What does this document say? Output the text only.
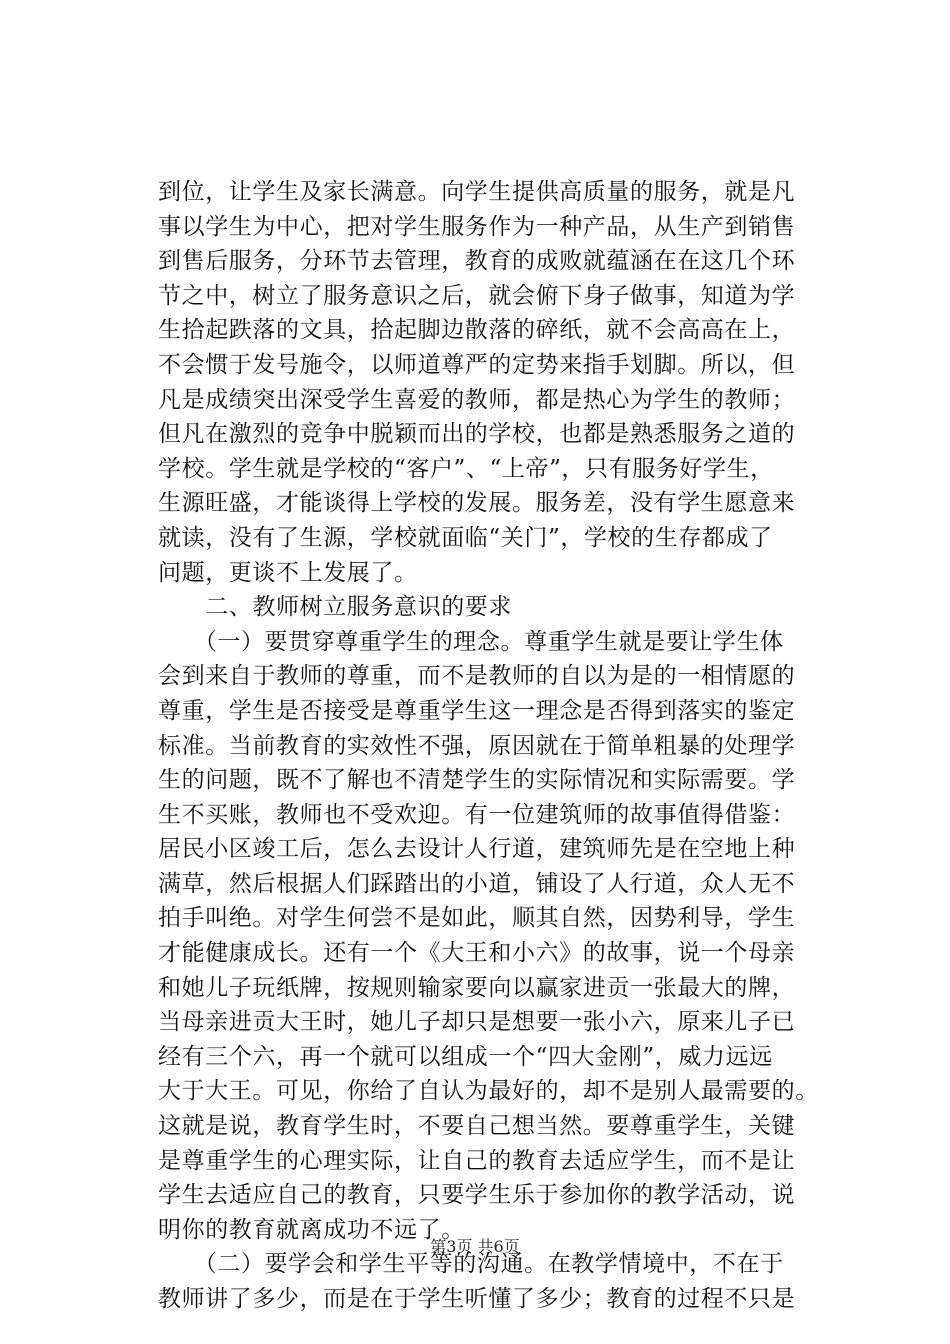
到位，让学生及家长满意。向学生提供高质量的服务，就是凡
事以学生为中心，把对学生服务作为一种产品，从生产到销售
到售后服务，分环节去管理，教育的成败就蕴涵在在这几个环
节之中，树立了服务意识之后，就会俯下身子做事，知道为学
生拾起跌落的文具，拾起脚边散落的碎纸，就不会高高在上，
不会惯于发号施令，以师道尊严的定势来指手划脚。所以，但
凡是成绩突出深受学生喜爱的教师，都是热心为学生的教师；
但凡在激烈的竞争中脱颖而出的学校，也都是熟悉服务之道的
学校。学生就是学校的“客户”、“上帝”，只有服务好学生，
生源旺盛，才能谈得上学校的发展。服务差，没有学生愿意来
就读，没有了生源，学校就面临“关门”，学校的生存都成了
问题，更谈不上发展了。
　　二、教师树立服务意识的要求
　　（一）要贯穿尊重学生的理念。尊重学生就是要让学生体
会到来自于教师的尊重，而不是教师的自以为是的一相情愿的
尊重，学生是否接受是尊重学生这一理念是否得到落实的鉴定
标准。当前教育的实效性不强，原因就在于简单粗暴的处理学
生的问题，既不了解也不清楚学生的实际情况和实际需要。学
生不买账，教师也不受欢迎。有一位建筑师的故事值得借鉴：
居民小区竣工后，怎么去设计人行道，建筑师先是在空地上种
满草，然后根据人们踩踏出的小道，铺设了人行道，众人无不
拍手叫绝。对学生何尝不是如此，顺其自然，因势利导，学生
才能健康成长。还有一个《大王和小六》的故事，说一个母亲
和她儿子玩纸牌，按规则输家要向以赢家进贡一张最大的牌，
当母亲进贡大王时，她儿子却只是想要一张小六，原来儿子已
经有三个六，再一个就可以组成一个“四大金刚”，威力远远
大于大王。可见，你给了自认为最好的，却不是别人最需要的。
这就是说，教育学生时，不要自己想当然。要尊重学生，关键
是尊重学生的心理实际，让自己的教育去适应学生，而不是让
学生去适应自己的教育，只要学生乐于参加你的教学活动，说
明你的教育就离成功不远了。
　　（二）要学会和学生平等的沟通。在教学情境中，不在于
教师讲了多少，而是在于学生听懂了多少；教育的过程不只是
第3页 共6页
